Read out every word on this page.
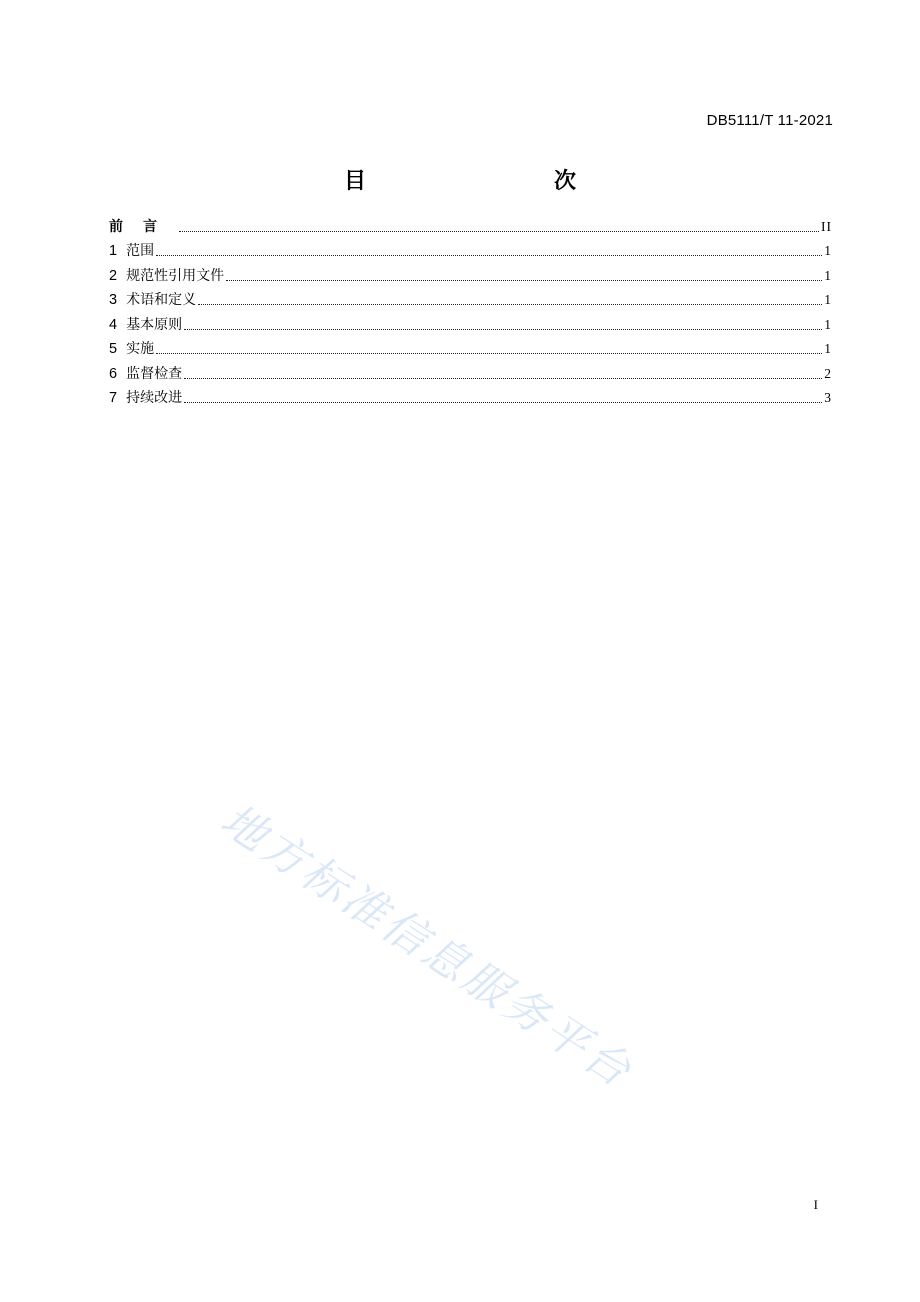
DB5111/T 11-2021
目　　次
前言	II
1 范围	1
2 规范性引用文件	1
3 术语和定义	1
4 基本原则	1
5 实施	1
6 监督检查	2
7 持续改进	3
地方标准信息服务平台
I
